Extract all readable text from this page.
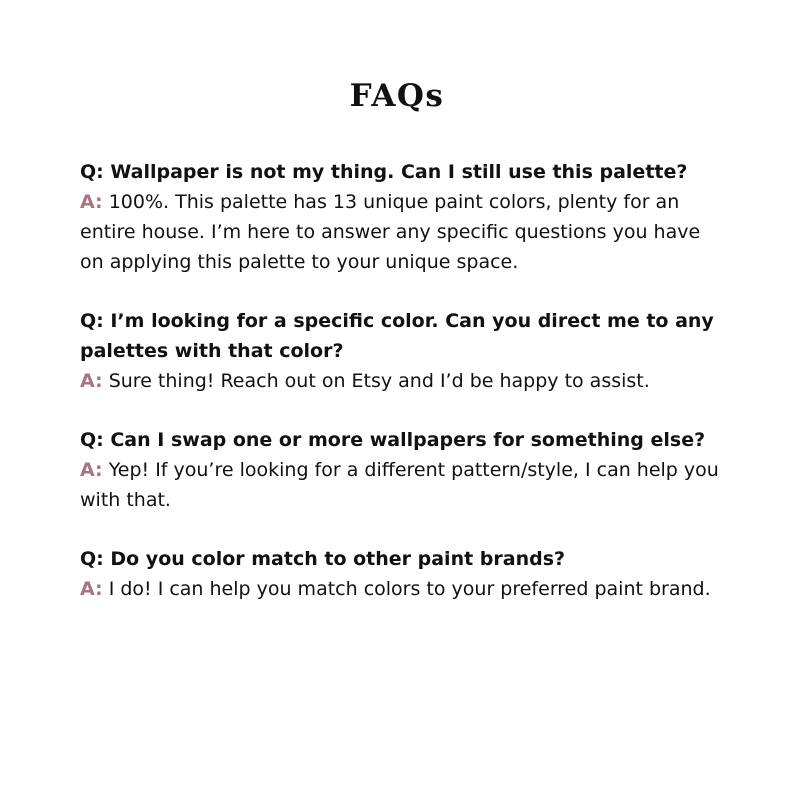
FAQs

Q: Wallpaper is not my thing. Can I still use this palette?

A: 100%. This palette has 13 unique paint colors, plenty for an entire house. I’m here to answer any specific questions you have on applying this palette to your unique space.

Q: I’m looking for a specific color. Can you direct me to any palettes with that color?

A: Sure thing! Reach out on Etsy and I’d be happy to assist.

Q: Can I swap one or more wallpapers for something else?

A: Yep! If you’re looking for a different pattern/style, I can help you with that.

Q: Do you color match to other paint brands?

A: I do! I can help you match colors to your preferred paint brand.
